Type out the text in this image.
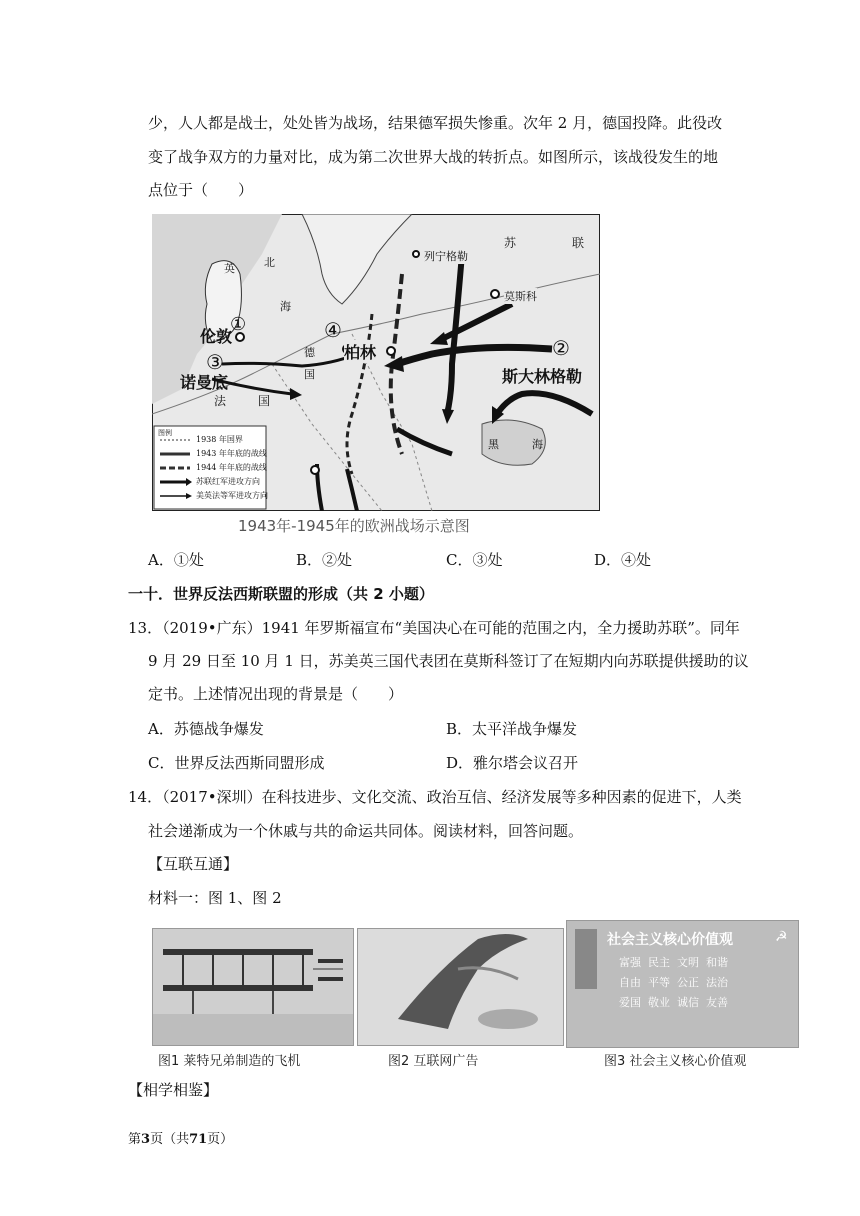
少，人人都是战士，处处皆为战场，结果德军损失惨重。次年 2 月，德国投降。此役改
变了战争双方的力量对比，成为第二次世界大战的转折点。如图所示，该战役发生的地
点位于（　　）
苏	联
列宁格勒
莫斯科
斯大林格勒
伦敦
诺曼底
柏林
法	国
德
国
英	北
海
黑	海
①
②
③
④
图例
1938 年国界
1943 年年底的战线
1944 年年底的战线
苏联红军进攻方向
美英法等军进攻方向
1943年-1945年的欧洲战场示意图
A．①处	B．②处	C．③处	D．④处
一十．世界反法西斯联盟的形成（共 2 小题）
13．（2019•广东）1941 年罗斯福宣布“美国决心在可能的范围之内，全力援助苏联”。同年
9 月 29 日至 10 月 1 日，苏美英三国代表团在莫斯科签订了在短期内向苏联提供援助的议
定书。上述情况出现的背景是（　　）
A．苏德战争爆发	B．太平洋战争爆发
C．世界反法西斯同盟形成	D．雅尔塔会议召开
14．（2017•深圳）在科技进步、文化交流、政治互信、经济发展等多种因素的促进下，人类
社会递渐成为一个休戚与共的命运共同体。阅读材料，回答问题。
【互联互通】
材料一：图 1、图 2
社会主义核心价值观	☭
富强 民主 文明 和谐
自由 平等 公正 法治
爱国 敬业 诚信 友善
图1 莱特兄弟制造的飞机	图2 互联网广告	图3 社会主义核心价值观
【相学相鉴】
第3页（共71页）
